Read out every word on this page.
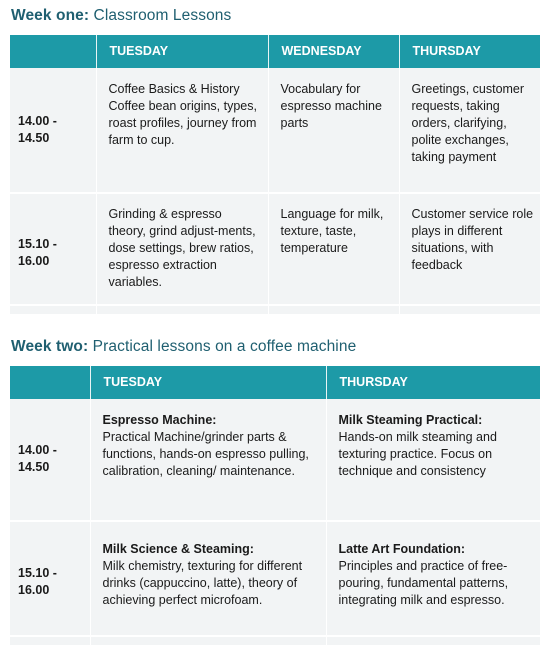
Week one: Classroom Lessons

	TUESDAY	WEDNESDAY	THURSDAY

14.00 -
14.50	Coffee Basics & History Coffee bean origins, types, roast profiles, journey from farm to cup.	Vocabulary for espresso machine parts	Greetings, customer requests, taking orders, clarifying, polite exchanges, taking payment

15.10 -
16.00	Grinding & espresso theory, grind adjust-ments, dose settings, brew ratios, espresso extraction variables.	Language for milk, texture, taste, temperature	Customer service role plays in different situations, with feedback

Week two: Practical lessons on a coffee machine

	TUESDAY	THURSDAY

14.00 -
14.50	Espresso Machine:
Practical Machine/grinder parts & functions, hands-on espresso pulling, calibration, cleaning/ maintenance.	Milk Steaming Practical:
Hands-on milk steaming and texturing practice. Focus on technique and consistency

15.10 -
16.00	Milk Science & Steaming:
Milk chemistry, texturing for different drinks (cappuccino, latte), theory of achieving perfect microfoam.	Latte Art Foundation:
Principles and practice of free-pouring, fundamental patterns, integrating milk and espresso.
